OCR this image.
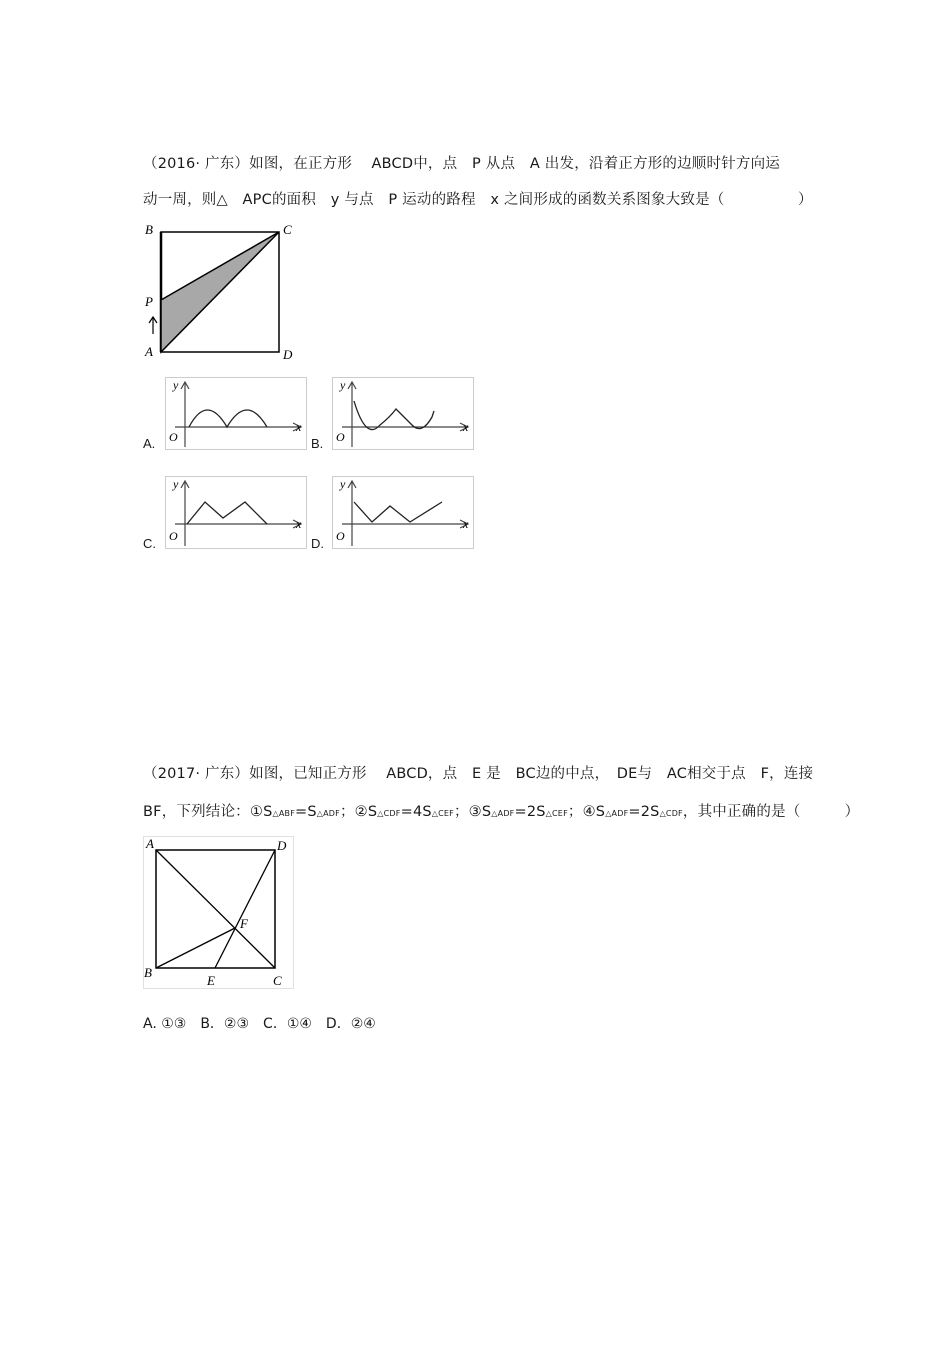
（2016· 广东）如图，在正方形 　ABCD中，点　P 从点　A 出发，沿着正方形的边顺时针方向运
动一周，则△　APC的面积　y 与点　P 运动的路程　x 之间形成的函数关系图象大致是（　　　　　）
B	C
P
A	D
A.
y
x
O	B.
y
x
O
C.
y
x
O	D.
y
x
O
（2017· 广东）如图，已知正方形 　ABCD，点　E 是　BC边的中点，　DE与　AC相交于点　F，连接
BF，下列结论：①S△ABF=S△ADF；②S△CDF=4S△CEF；③S△ADF=2S△CEF；④S△ADF=2S△CDF，其中正确的是（　　　）
A	D
F
B
E	C
A. ①③　B．②③　C．①④　D．②④
